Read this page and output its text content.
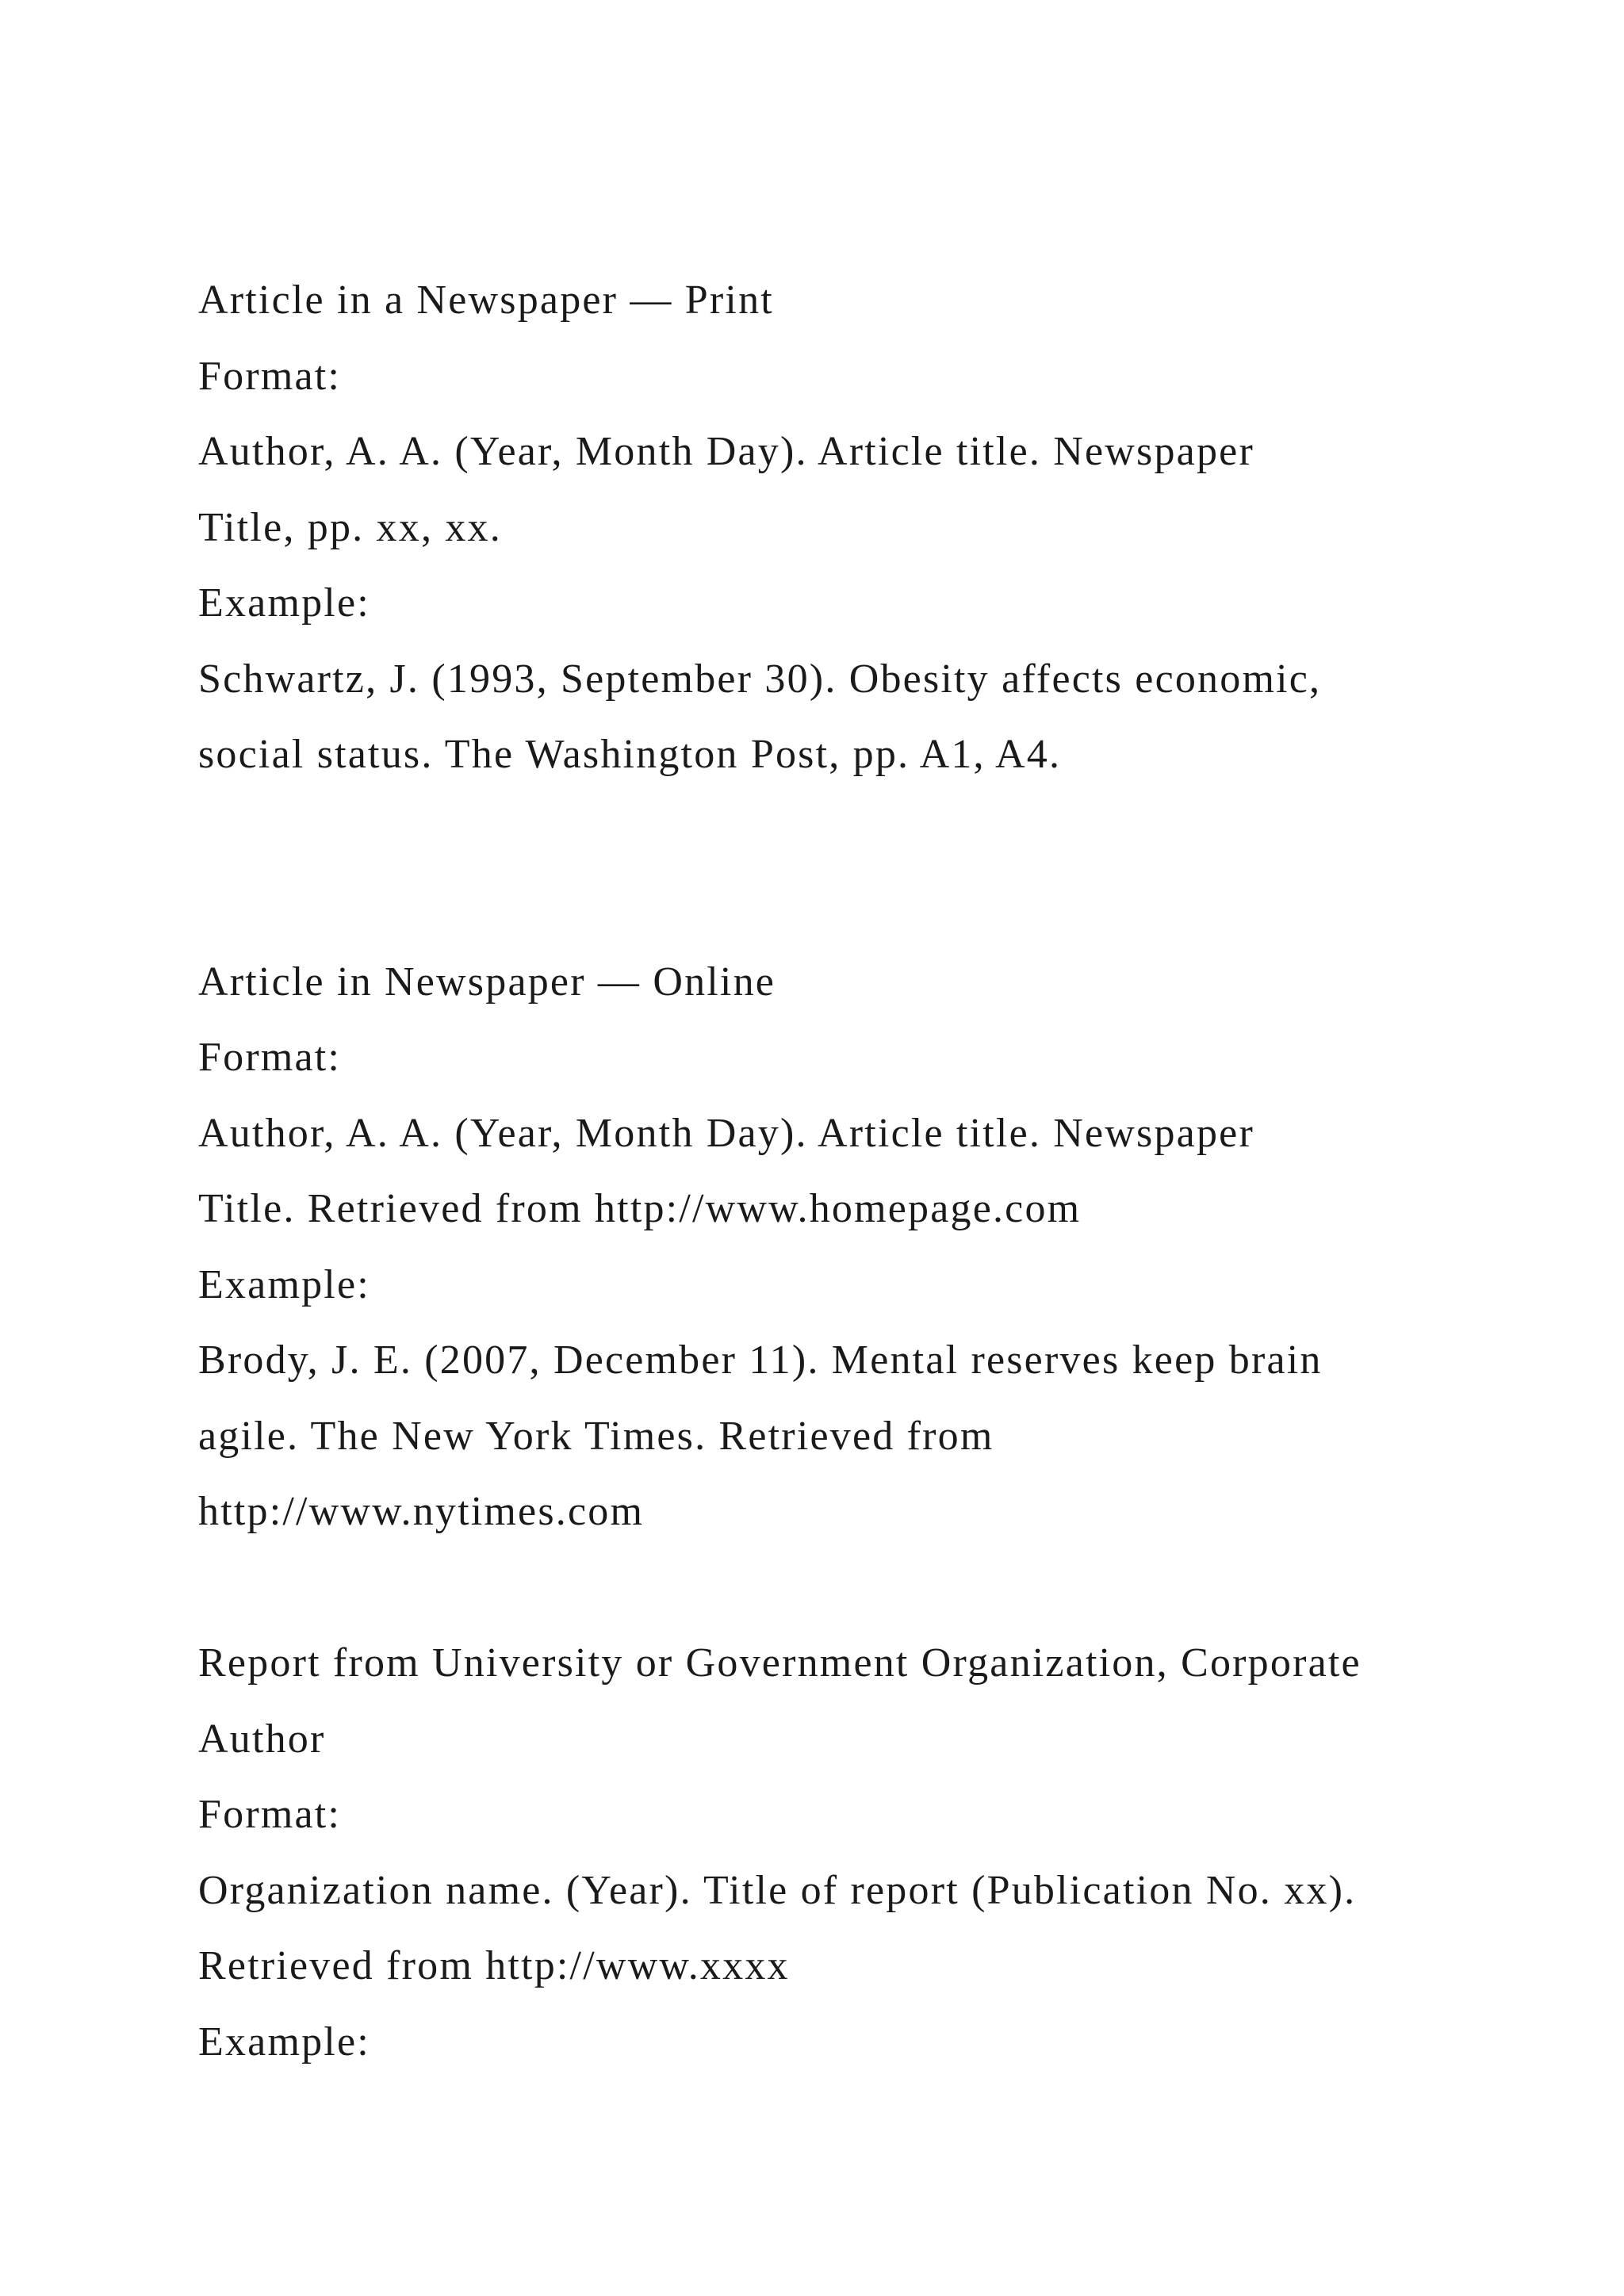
Article in a Newspaper — Print
Format:
Author, A. A. (Year, Month Day). Article title. Newspaper
Title, pp. xx, xx.
Example:
Schwartz, J. (1993, September 30). Obesity affects economic,
social status. The Washington Post, pp. A1, A4.
Article in Newspaper — Online
Format:
Author, A. A. (Year, Month Day). Article title. Newspaper
Title. Retrieved from http://www.homepage.com
Example:
Brody, J. E. (2007, December 11). Mental reserves keep brain
agile. The New York Times. Retrieved from
http://www.nytimes.com
Report from University or Government Organization, Corporate
Author
Format:
Organization name. (Year). Title of report (Publication No. xx).
Retrieved from http://www.xxxx
Example:
